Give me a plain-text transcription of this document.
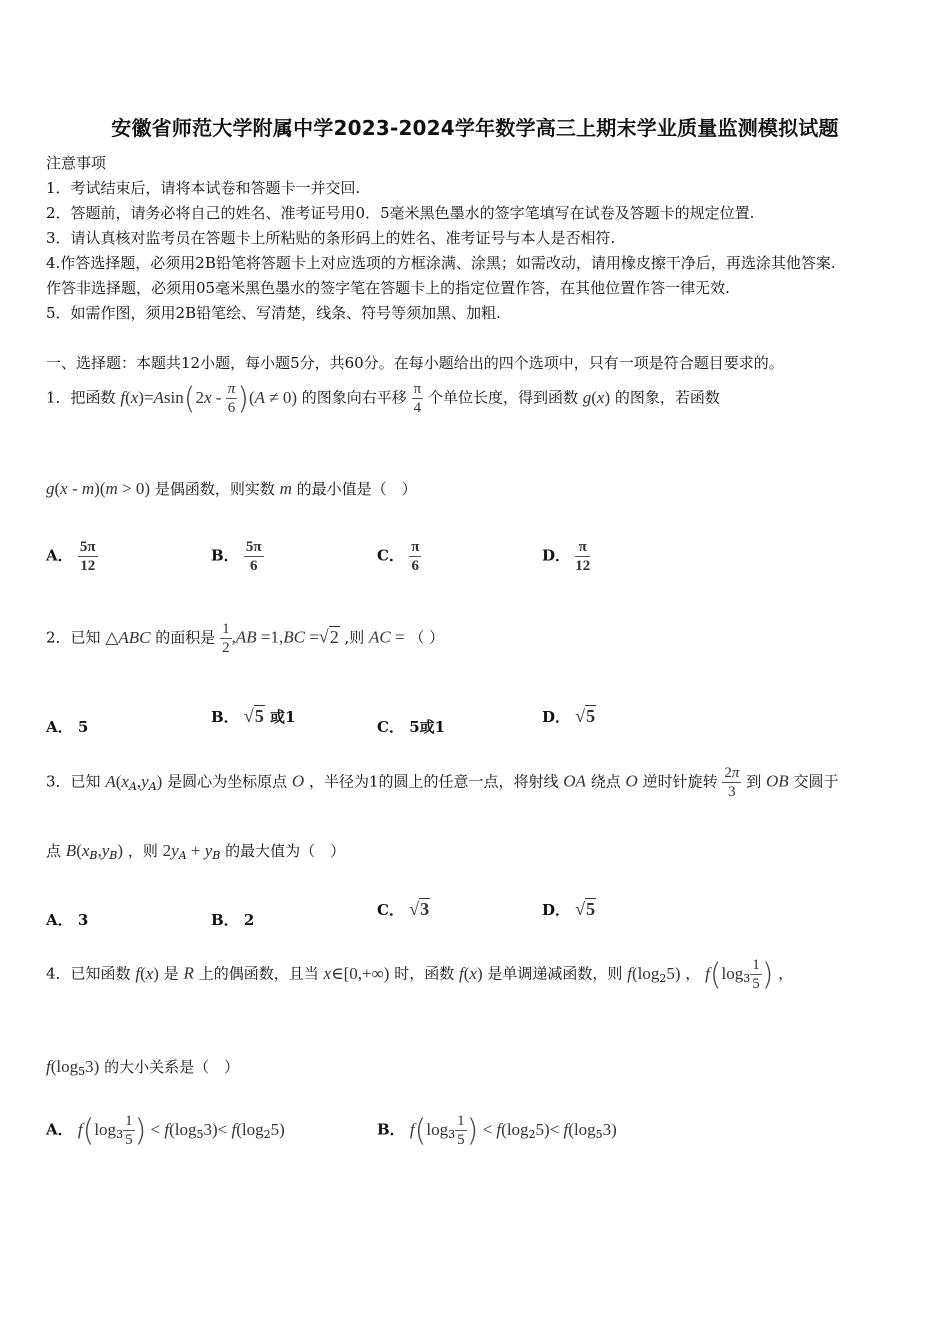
安徽省师范大学附属中学2023-2024学年数学高三上期末学业质量监测模拟试题
注意事项
1．考试结束后，请将本试卷和答题卡一并交回.
2．答题前，请务必将自己的姓名、准考证号用0．5毫米黑色墨水的签字笔填写在试卷及答题卡的规定位置.
3．请认真核对监考员在答题卡上所粘贴的条形码上的姓名、准考证号与本人是否相符.
4.作答选择题，必须用2B铅笔将答题卡上对应选项的方框涂满、涂黑；如需改动，请用橡皮擦干净后，再选涂其他答案.
作答非选择题，必须用05毫米黑色墨水的签字笔在答题卡上的指定位置作答，在其他位置作答一律无效.
5．如需作图，须用2B铅笔绘、写清楚，线条、符号等须加黑、加粗.
一、选择题：本题共12小题，每小题5分，共60分。在每小题给出的四个选项中，只有一项是符合题目要求的。
1．把函数 $f(x)=Asin(2x - \frac{\pi}{6} )(A \ne 0)$ 的图象向右平移 $\frac{\pi}{4}$ 个单位长度，得到函数 g(x) 的图象，若函数
g(x - m)(m > 0) 是偶函数，则实数 m 的最小值是（　）
A． $\frac{5\pi}{12}$	B． $\frac{5\pi}{6}$	C． $\frac{\pi}{6}$	D． $\frac{\pi}{12}$
2．已知 △ABC 的面积是 $\frac{1}{2} ,AB =1,BC =√2$ ,则 AC = （ ）
A． 5
B． √5 或1
C． 5或1
D． √5
3．已知 $A(x_A,y_A)$ 是圆心为坐标原点 O ，半径为1的圆上的任意一点，将射线 OA 绕点 O 逆时针旋转 $\frac{2\pi}{3}$ 到 OB 交圆于
点 $B(x_B,y_B)$ ，则 $2y_A + y_B$ 的最大值为（　）
A． 3	B． 2
C． √3	D． √5
4．已知函数 f(x) 是 R 上的偶函数，且当 x∈[0,+∞) 时，函数 f(x) 是单调递减函数，则 $f(\log_25)$ ， $f(\log_3 \frac{1}{5}$ ) ，
$f(\log_53)$ 的大小关系是（　）
A． $f(\log_3 \frac{1}{5}$ ) < $f(\log_53)< f(\log_25)$	B． $f(\log_3 \frac{1}{5}$ ) < $f(\log_25)< f(\log_53)$
